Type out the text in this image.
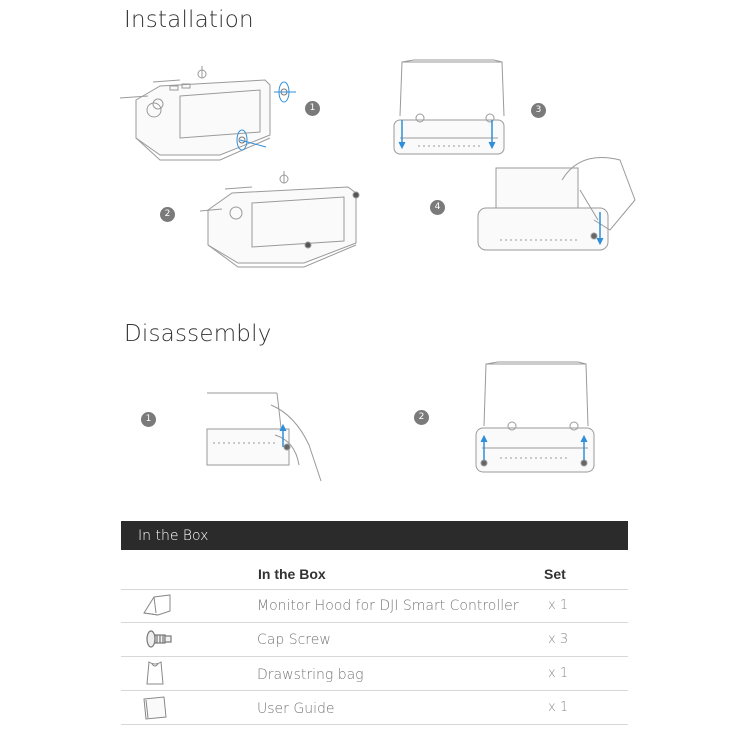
Installation
Disassembly
1
2
3
4
1	2
In the Box
In the Box	Set
Monitor Hood for DJI Smart Controller x 1
Cap Screw	x 3
Drawstring bag	x 1
User Guide	x 1
